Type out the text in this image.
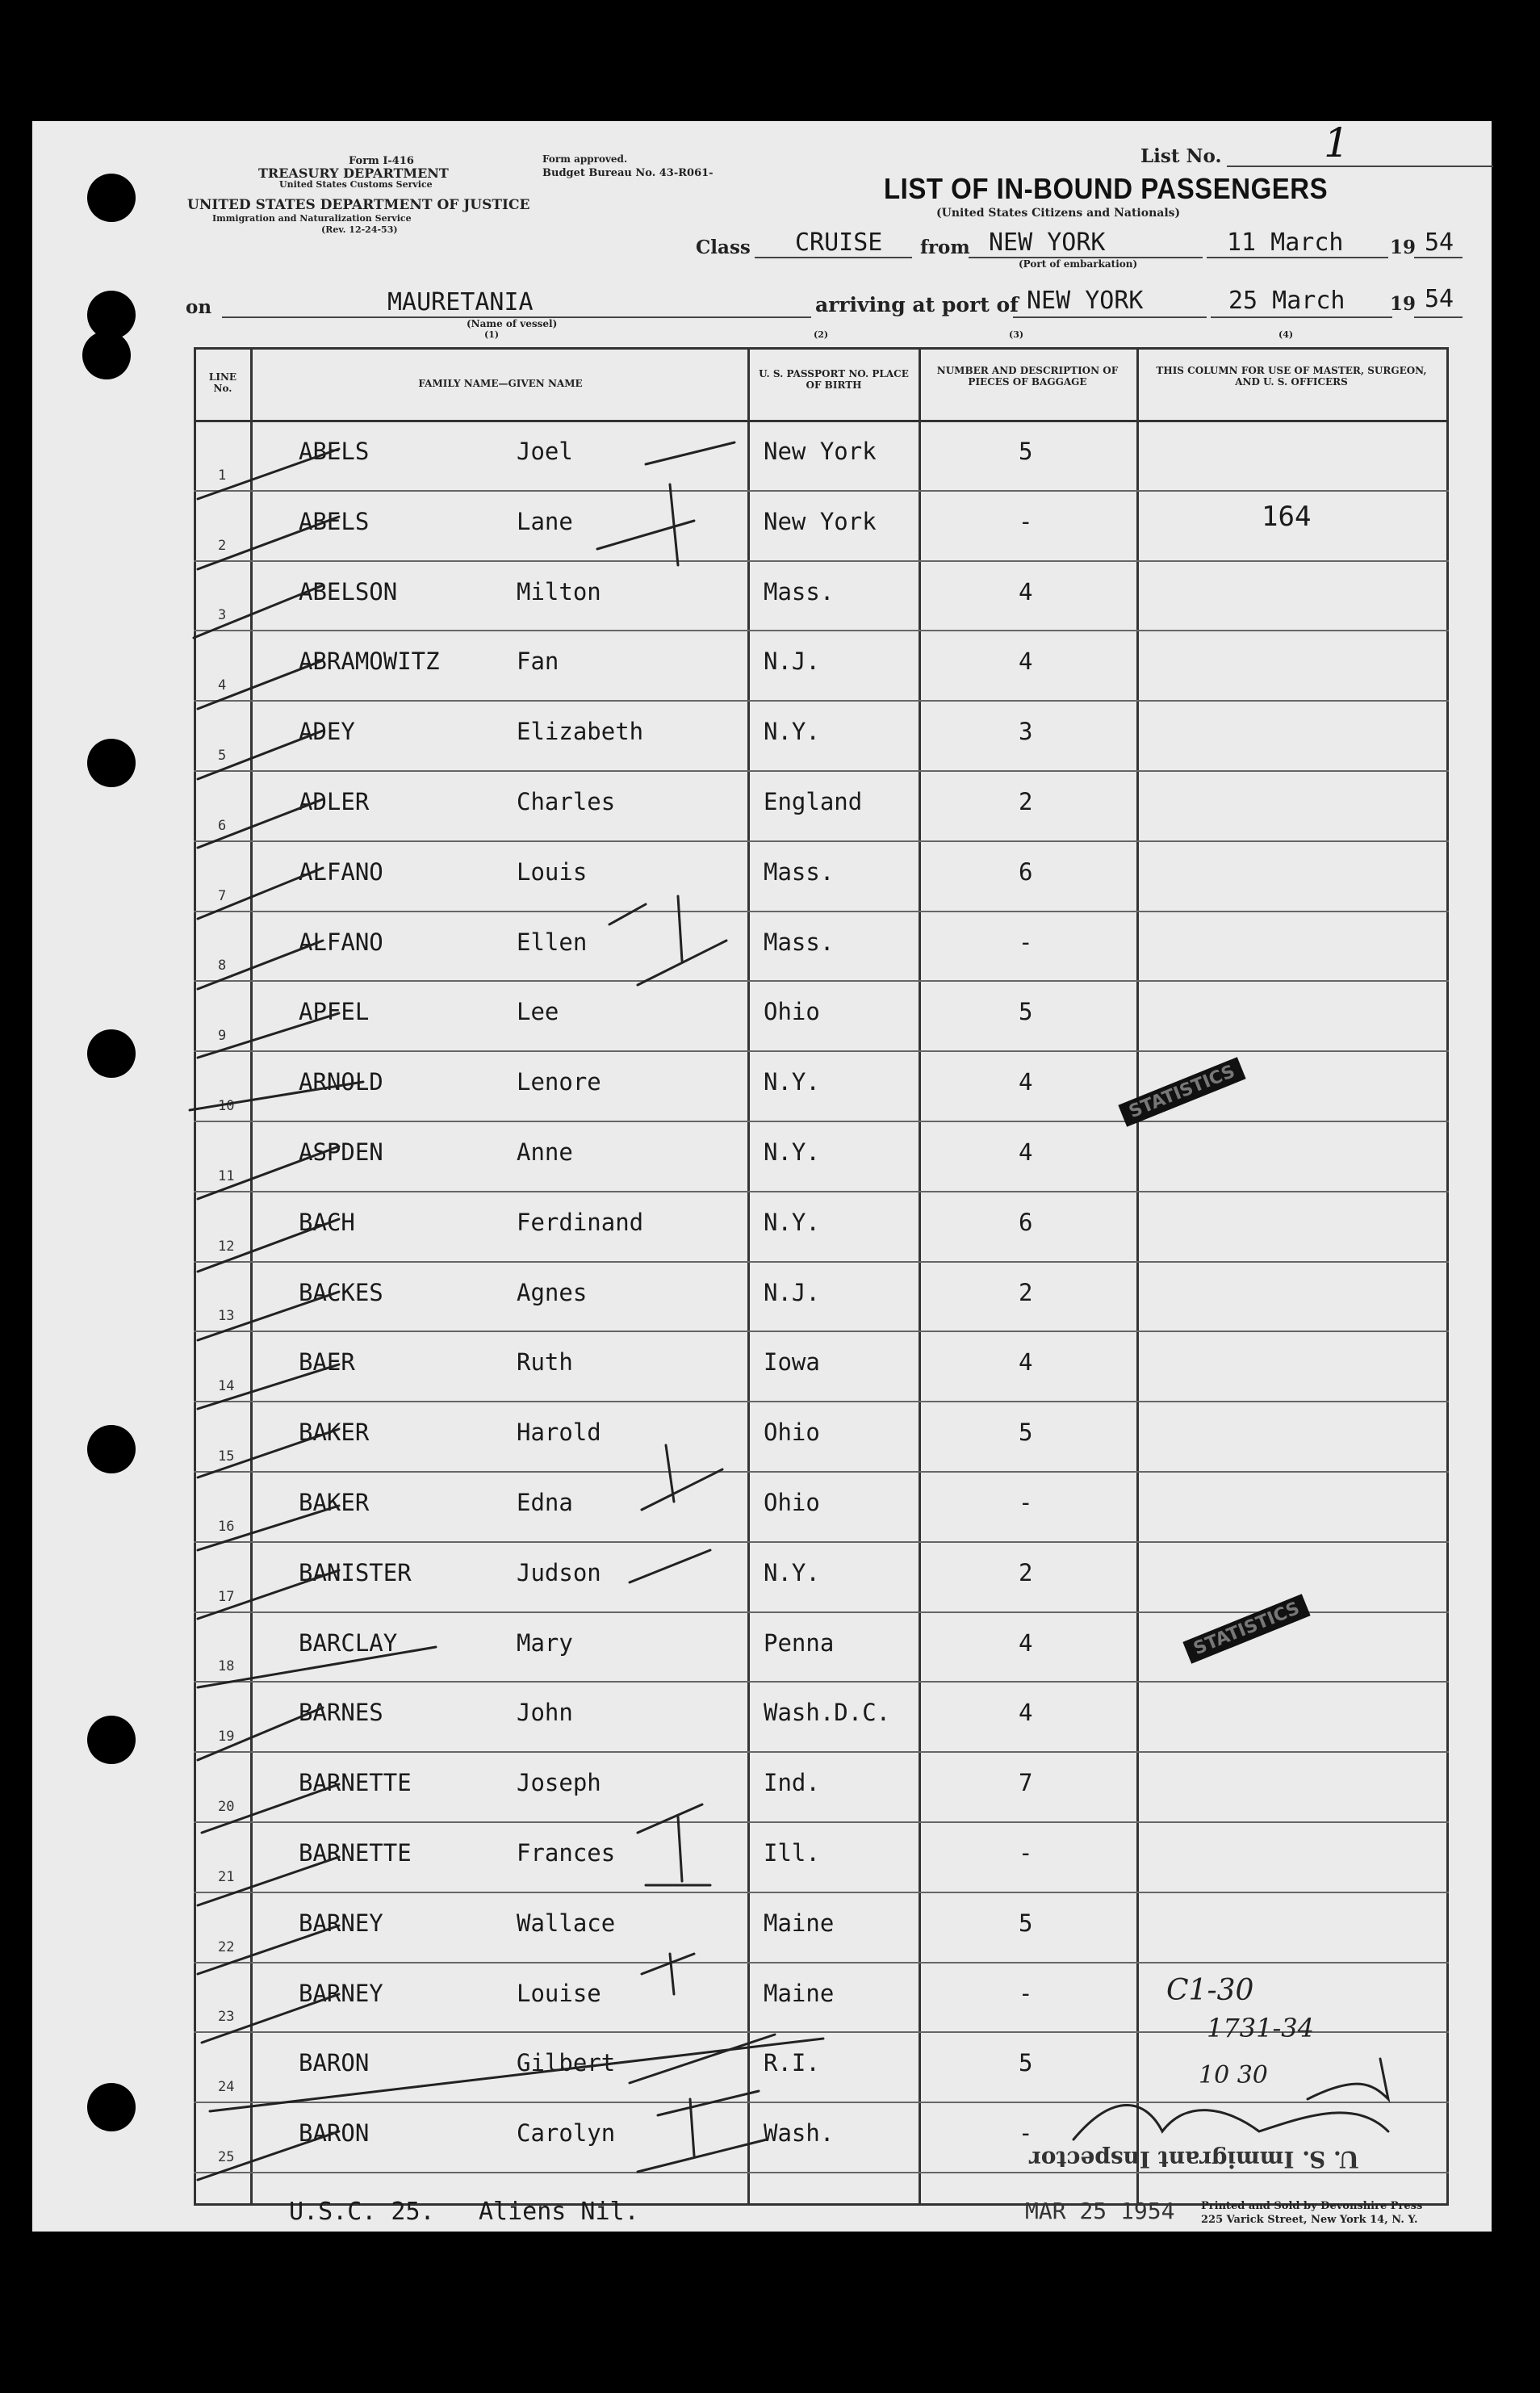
Form I-416
TREASURY DEPARTMENT
United States Customs Service
UNITED STATES DEPARTMENT OF JUSTICE
Immigration and Naturalization Service
(Rev. 12-24-53)
Form approved.
Budget Bureau No. 43-R061-
List No.	1
LIST OF IN-BOUND PASSENGERS
(United States Citizens and Nationals)
Class CRUISE from NEW YORK
(Port of embarkation)
11 March	19 54
on	MAURETANIA
(Name of vessel)
(1)
arriving at port of NEW YORK	25 March 19 54
(2)	(3)	(4)
LINE No.	FAMILY NAME—GIVEN NAME
U. S. PASSPORT NO. PLACE OF BIRTH
NUMBER AND DESCRIPTION OF PIECES OF BAGGAGE
THIS COLUMN FOR USE OF MASTER, SURGEON, AND U. S. OFFICERS
1
ABELS	Joel	New York	5
2
ABELS	Lane	New York	-
3
ABELSON	Milton	Mass.	4
4
ABRAMOWITZ	Fan	N.J.	4
5
ADEY	Elizabeth	N.Y.	3
6
ADLER	Charles	England	2
7
ALFANO	Louis	Mass.	6
8
ALFANO	Ellen	Mass.	-
9
APFEL	Lee	Ohio	5
10
ARNOLD	Lenore	N.Y.	4
11
ASPDEN	Anne	N.Y.	4
12
BACH	Ferdinand	N.Y.	6
13
BACKES	Agnes	N.J.	2
14
BAER	Ruth	Iowa	4
15
BAKER	Harold	Ohio	5
16
BAKER	Edna	Ohio	-
17
BANISTER	Judson	N.Y.	2
18
BARCLAY	Mary	Penna	4
19
BARNES	John	Wash.D.C.	4
20
BARNETTE	Joseph	Ind.	7
21
BARNETTE	Frances	Ill.	-
22
BARNEY	Wallace	Maine	5
23
BARNEY	Louise	Maine	-
24
BARON	Gilbert	R.I.	5
25
BARON	Carolyn	Wash.	-
164
STATISTICS
STATISTICS
C1-30
1731-34
10 30
U. S. Immigrant Inspector
U.S.C. 25. Aliens Nil.	MAR 25 1954	Printed and Sold by Devonshire Press
225 Varick Street, New York 14, N. Y.
